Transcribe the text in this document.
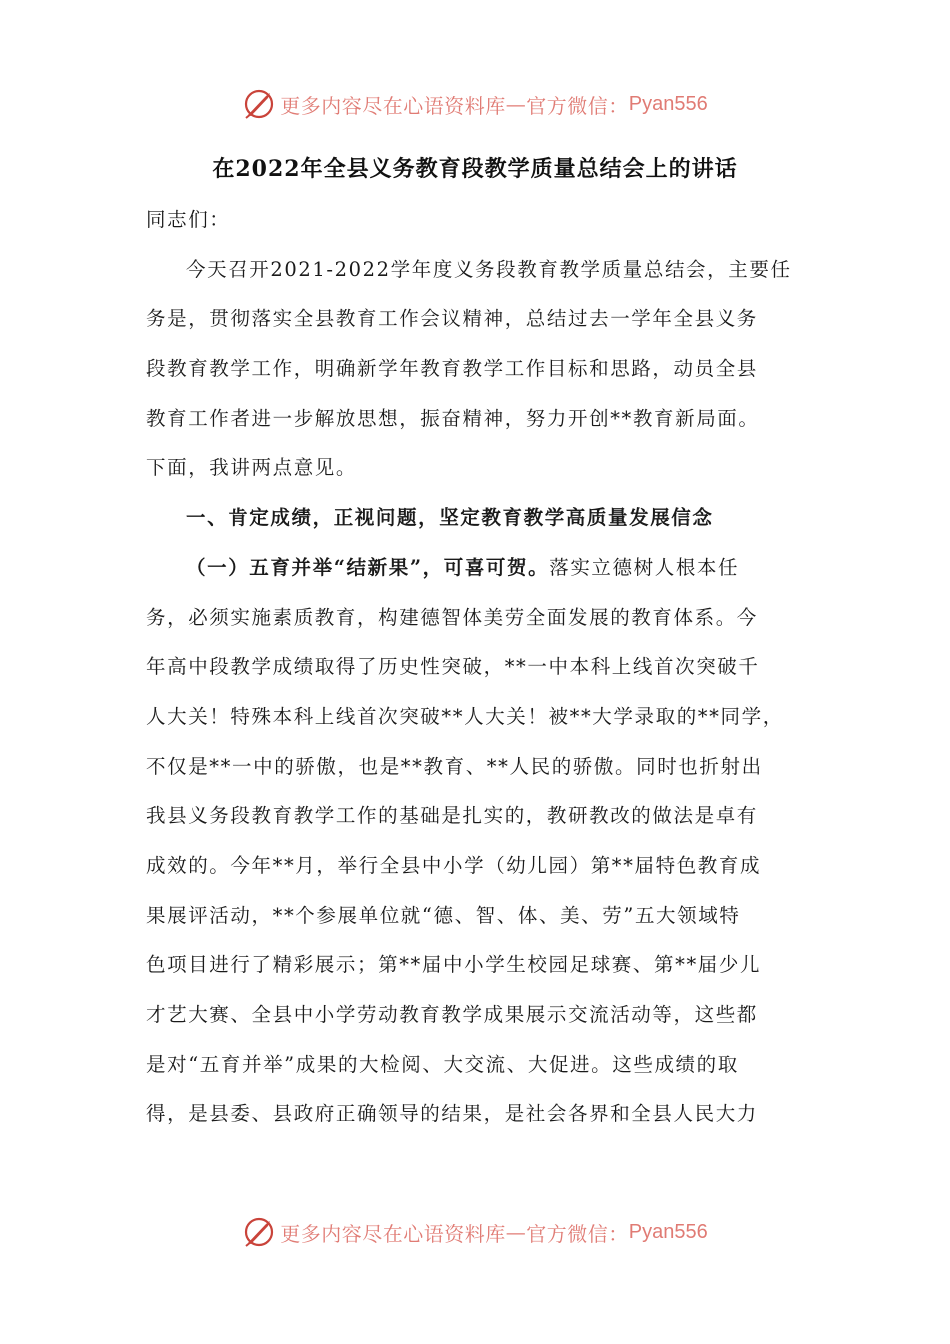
更多内容尽在心语资料库 — 官方微信： Pyan556
在2022年全县义务教育段教学质量总结会上的讲话
同志们：
今天召开2021-2022学年度义务段教育教学质量总结会，主要任
务是，贯彻落实全县教育工作会议精神，总结过去一学年全县义务
段教育教学工作，明确新学年教育教学工作目标和思路，动员全县
教育工作者进一步解放思想，振奋精神，努力开创**教育新局面。
下面，我讲两点意见。
一、肯定成绩，正视问题，坚定教育教学高质量发展信念
（一）五育并举“结新果”，可喜可贺。落实立德树人根本任
务，必须实施素质教育，构建德智体美劳全面发展的教育体系。今
年高中段教学成绩取得了历史性突破，**一中本科上线首次突破千
人大关！特殊本科上线首次突破**人大关！被**大学录取的**同学，
不仅是**一中的骄傲，也是**教育、**人民的骄傲。同时也折射出
我县义务段教育教学工作的基础是扎实的，教研教改的做法是卓有
成效的。今年**月，举行全县中小学（幼儿园）第**届特色教育成
果展评活动，**个参展单位就“德、智、体、美、劳”五大领域特
色项目进行了精彩展示；第**届中小学生校园足球赛、第**届少儿
才艺大赛、全县中小学劳动教育教学成果展示交流活动等，这些都
是对“五育并举”成果的大检阅、大交流、大促进。这些成绩的取
得，是县委、县政府正确领导的结果，是社会各界和全县人民大力
更多内容尽在心语资料库 — 官方微信： Pyan556
